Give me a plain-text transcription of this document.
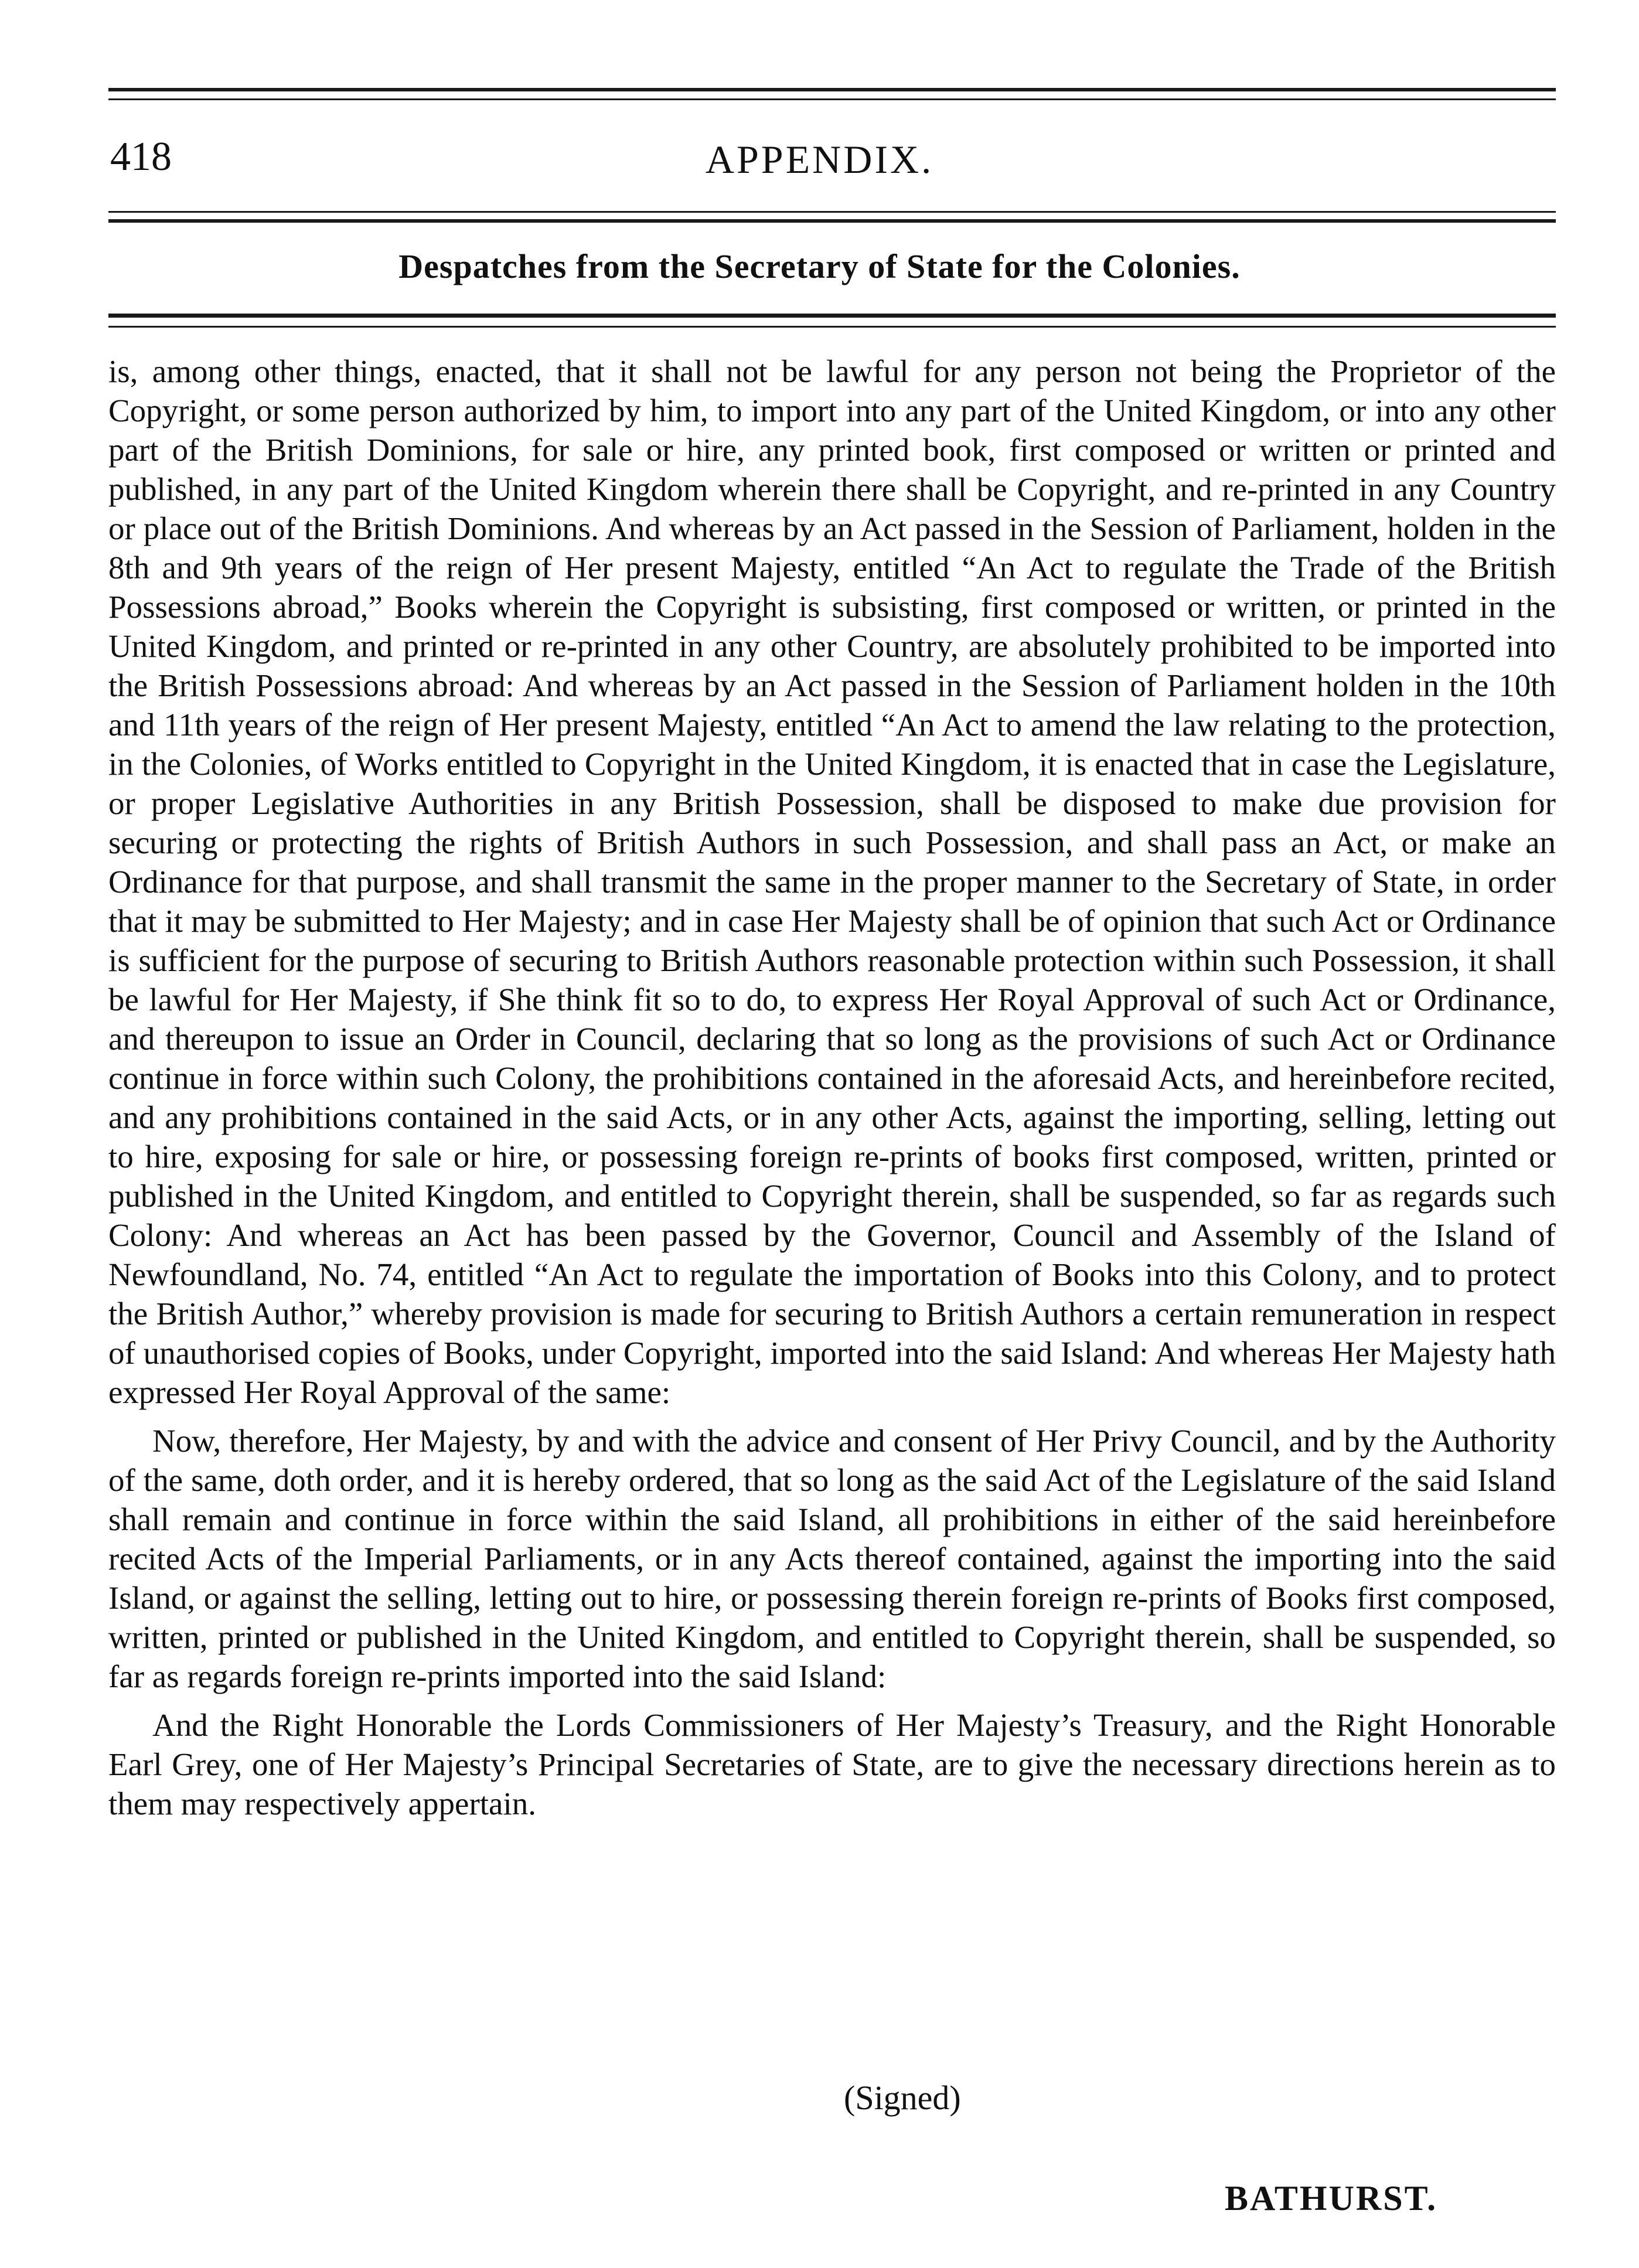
418	APPENDIX.
Despatches from the Secretary of State for the Colonies.

is, among other things, enacted, that it shall not be lawful for any person not being the Proprietor of the Copyright, or some person authorized by him, to import into any part of the United Kingdom, or into any other part of the British Dominions, for sale or hire, any printed book, first composed or written or printed and published, in any part of the United Kingdom wherein there shall be Copyright, and re-printed in any Country or place out of the British Dominions. And whereas by an Act passed in the Session of Parliament, holden in the 8th and 9th years of the reign of Her present Majesty, entitled “An Act to regulate the Trade of the British Possessions abroad,” Books wherein the Copyright is subsisting, first composed or written, or printed in the United Kingdom, and printed or re-printed in any other Country, are absolutely prohibited to be imported into the British Possessions abroad: And whereas by an Act passed in the Session of Parliament holden in the 10th and 11th years of the reign of Her present Majesty, entitled “An Act to amend the law relating to the protection, in the Colonies, of Works entitled to Copyright in the United Kingdom, it is enacted that in case the Legislature, or proper Legislative Authorities in any British Possession, shall be disposed to make due provision for securing or protecting the rights of British Authors in such Possession, and shall pass an Act, or make an Ordinance for that purpose, and shall transmit the same in the proper manner to the Secretary of State, in order that it may be submitted to Her Majesty; and in case Her Majesty shall be of opinion that such Act or Ordinance is sufficient for the purpose of securing to British Authors reasonable protection within such Possession, it shall be lawful for Her Majesty, if She think fit so to do, to express Her Royal Approval of such Act or Ordinance, and thereupon to issue an Order in Council, declaring that so long as the provisions of such Act or Ordinance continue in force within such Colony, the prohibitions contained in the aforesaid Acts, and hereinbefore recited, and any prohibitions contained in the said Acts, or in any other Acts, against the importing, selling, letting out to hire, exposing for sale or hire, or possessing foreign re-prints of books first composed, written, printed or published in the United Kingdom, and entitled to Copyright therein, shall be suspended, so far as regards such Colony: And whereas an Act has been passed by the Governor, Council and Assembly of the Island of Newfoundland, No. 74, entitled “An Act to regulate the importation of Books into this Colony, and to protect the British Author,” whereby provision is made for securing to British Authors a certain remuneration in respect of unauthorised copies of Books, under Copyright, imported into the said Island: And whereas Her Majesty hath expressed Her Royal Approval of the same:

Now, therefore, Her Majesty, by and with the advice and consent of Her Privy Council, and by the Authority of the same, doth order, and it is hereby ordered, that so long as the said Act of the Legislature of the said Island shall remain and continue in force within the said Island, all prohibitions in either of the said hereinbefore recited Acts of the Imperial Parliaments, or in any Acts thereof contained, against the importing into the said Island, or against the selling, letting out to hire, or possessing therein foreign re-prints of Books first composed, written, printed or published in the United Kingdom, and entitled to Copyright therein, shall be suspended, so far as regards foreign re-prints imported into the said Island:

And the Right Honorable the Lords Commissioners of Her Majesty’s Treasury, and the Right Honorable Earl Grey, one of Her Majesty’s Principal Secretaries of State, are to give the necessary directions herein as to them may respectively appertain.

(Signed)
BATHURST.
